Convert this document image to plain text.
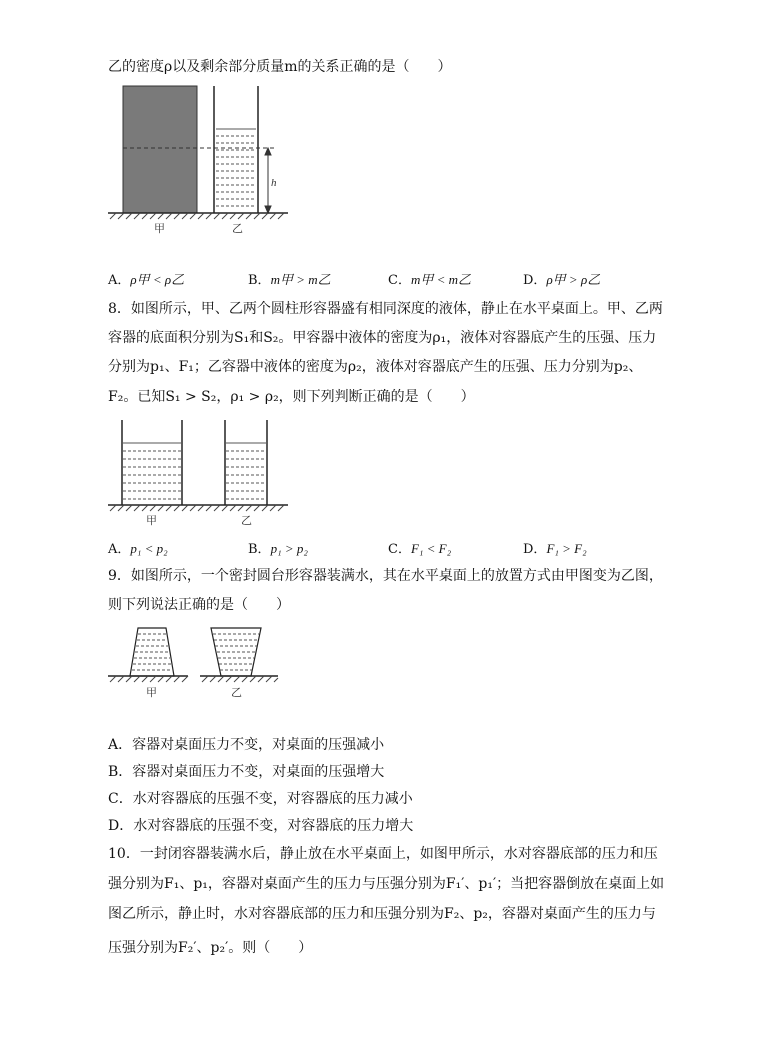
乙的密度ρ以及剩余部分质量m的关系正确的是（　　）
h
甲	乙
A．ρ甲 < ρ乙	B．m甲 > m乙	C．m甲 < m乙	D．ρ甲 > ρ乙
8．如图所示，甲、乙两个圆柱形容器盛有相同深度的液体，静止在水平桌面上。甲、乙两
容器的底面积分别为S₁和S₂。甲容器中液体的密度为ρ₁，液体对容器底产生的压强、压力
分别为p₁、F₁；乙容器中液体的密度为ρ₂，液体对容器底产生的压强、压力分别为p₂、
F₂。已知S₁ > S₂，ρ₁ > ρ₂，则下列判断正确的是（　　）
甲	乙
A．p₁ < p₂	B．p₁ > p₂	C．F₁ < F₂	D．F₁ > F₂
9．如图所示，一个密封圆台形容器装满水，其在水平桌面上的放置方式由甲图变为乙图，
则下列说法正确的是（　　）
甲	乙
A．容器对桌面压力不变，对桌面的压强减小
B．容器对桌面压力不变，对桌面的压强增大
C．水对容器底的压强不变，对容器底的压力减小
D．水对容器底的压强不变，对容器底的压力增大
10．一封闭容器装满水后，静止放在水平桌面上，如图甲所示，水对容器底部的压力和压
强分别为F₁、p₁，容器对桌面产生的压力与压强分别为F₁′、p₁′；当把容器倒放在桌面上如
图乙所示，静止时，水对容器底部的压力和压强分别为F₂、p₂，容器对桌面产生的压力与
压强分别为F₂′、p₂′。则（　　）
